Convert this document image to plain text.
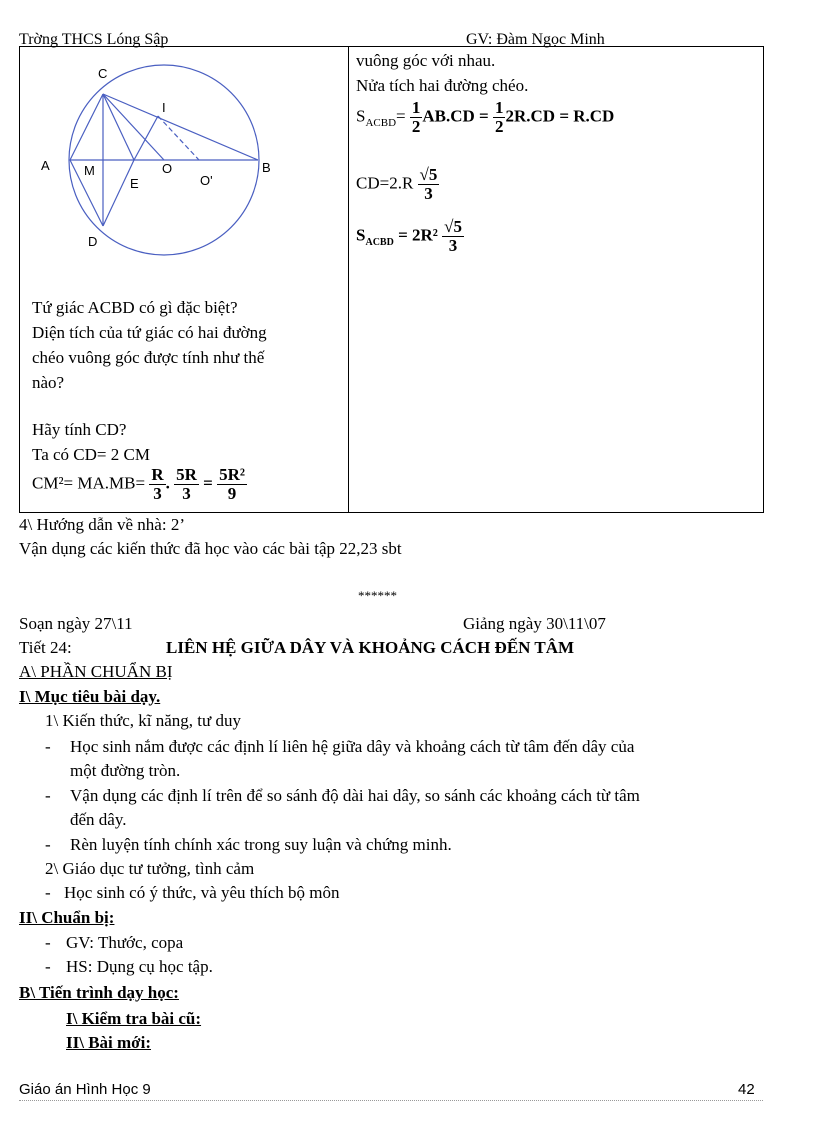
Trờng THCS Lóng Sập	GV: Đàm Ngọc Minh
C
I
A	M	O	B
E	O'
D
Tứ giác ACBD có gì đặc biệt?
Diện tích của tứ giác có hai đường
chéo vuông góc được tính như thế
nào?
Hãy tính CD?
Ta có CD= 2 CM
$CM^2= MA.MB= \frac{R}{3}$ . $\frac{5R}{3} = \frac{\text{5R²}}{9}$
vuông góc với nhau.
Nửa tích hai đường chéo.
$S_{ACBD}= \frac{1}{2} AB.CD = \frac{1}{2} 2R.CD = R.CD$
$CD=2.R \frac{√5}{3}$
$S_{ACBD} = 2R^2 \frac{√5}{3}$
4\ Hướng dẫn về nhà: 2’
Vận dụng các kiến thức đã học vào các bài tập 22,23 sbt
******
Soạn ngày 27\11	Giảng ngày 30\11\07
Tiết 24:	LIÊN HỆ GIỮA DÂY VÀ KHOẢNG CÁCH ĐẾN TÂM
A\ PHẦN CHUẨN BỊ
I\ Mục tiêu bài dạy.
1\ Kiến thức, kĩ năng, tư duy
- Học sinh nắm được các định lí liên hệ giữa dây và khoảng cách từ tâm đến dây của
một đường tròn.
- Vận dụng các định lí trên để so sánh độ dài hai dây, so sánh các khoảng cách từ tâm
đến dây.
- Rèn luyện tính chính xác trong suy luận và chứng minh.
2\ Giáo dục tư tưởng, tình cảm
- Học sinh có ý thức, và yêu thích bộ môn
II\ Chuẩn bị:
- GV: Thước, copa
- HS: Dụng cụ học tập.
B\ Tiến trình dạy học:
I\ Kiểm tra bài cũ:
II\ Bài mới:
Giáo án Hình Học 9	42
